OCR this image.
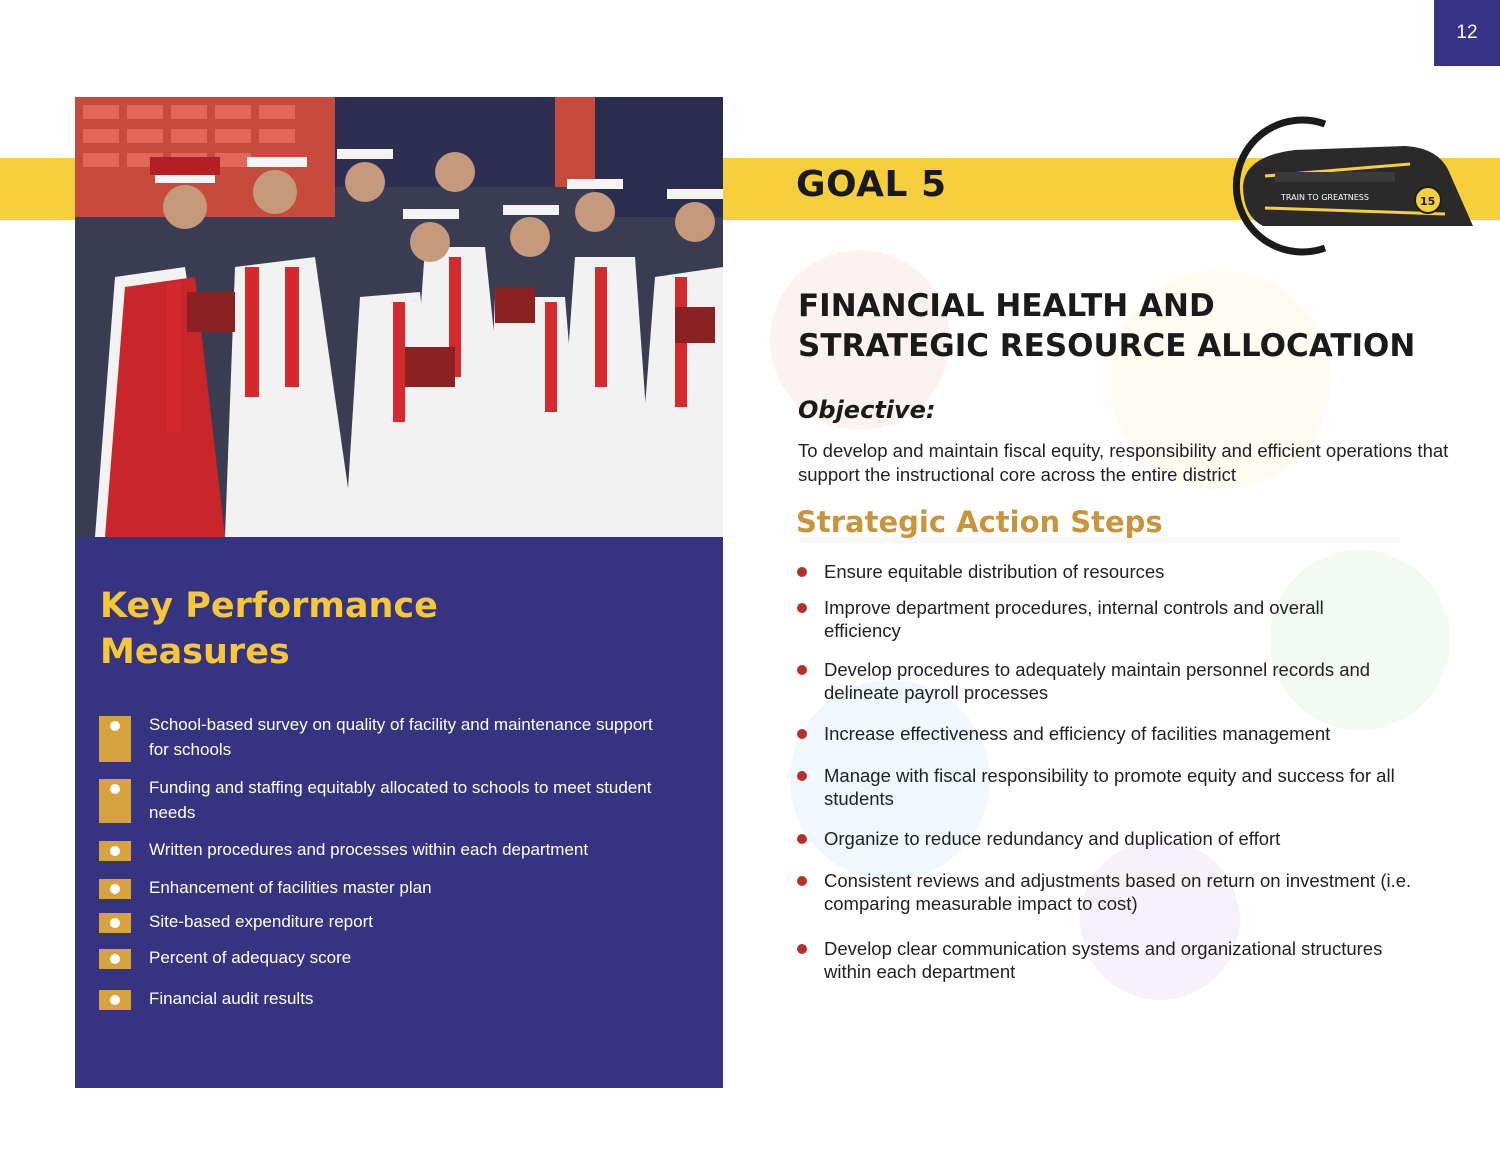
12
GOAL 5	15
TRAIN TO GREATNESS
Key Performance
Measures
School-based survey on quality of facility and maintenance support for schools
Funding and staffing equitably allocated to schools to meet student needs
Written procedures and processes within each department
Enhancement of facilities master plan
Site-based expenditure report
Percent of adequacy score
Financial audit results
FINANCIAL HEALTH AND
STRATEGIC RESOURCE ALLOCATION
Objective:

To develop and maintain fiscal equity, responsibility and efficient operations that support the instructional core across the entire district

Strategic Action Steps
Ensure equitable distribution of resources
Improve department procedures, internal controls and overall efficiency
Develop procedures to adequately maintain personnel records and delineate payroll processes
Increase effectiveness and efficiency of facilities management
Manage with fiscal responsibility to promote equity and success for all students
Organize to reduce redundancy and duplication of effort
Consistent reviews and adjustments based on return on investment (i.e. comparing measurable impact to cost)
Develop clear communication systems and organizational structures within each department
